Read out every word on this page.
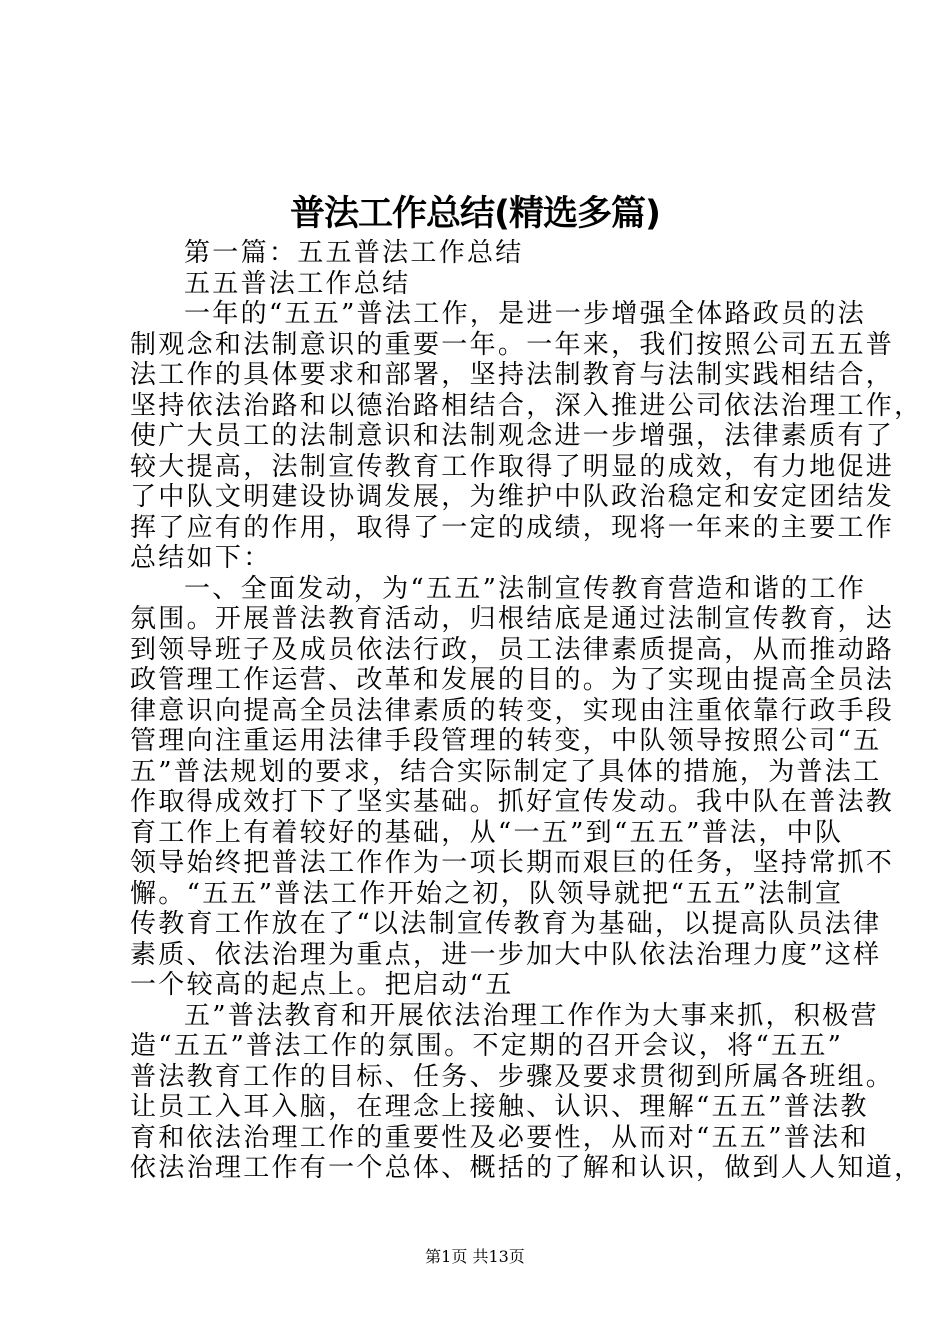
普法工作总结(精选多篇)
第一篇：五五普法工作总结
五五普法工作总结
一年的“五五”普法工作，是进一步增强全体路政员的法
制观念和法制意识的重要一年。一年来，我们按照公司五五普
法工作的具体要求和部署，坚持法制教育与法制实践相结合，
坚持依法治路和以德治路相结合，深入推进公司依法治理工作，
使广大员工的法制意识和法制观念进一步增强，法律素质有了
较大提高，法制宣传教育工作取得了明显的成效，有力地促进
了中队文明建设协调发展，为维护中队政治稳定和安定团结发
挥了应有的作用，取得了一定的成绩，现将一年来的主要工作
总结如下：
一、全面发动，为“五五”法制宣传教育营造和谐的工作
氛围。开展普法教育活动，归根结底是通过法制宣传教育，达
到领导班子及成员依法行政，员工法律素质提高，从而推动路
政管理工作运营、改革和发展的目的。为了实现由提高全员法
律意识向提高全员法律素质的转变，实现由注重依靠行政手段
管理向注重运用法律手段管理的转变，中队领导按照公司“五
五”普法规划的要求，结合实际制定了具体的措施，为普法工
作取得成效打下了坚实基础。抓好宣传发动。我中队在普法教
育工作上有着较好的基础，从“一五”到“五五”普法，中队
领导始终把普法工作作为一项长期而艰巨的任务，坚持常抓不
懈。“五五”普法工作开始之初，队领导就把“五五”法制宣
传教育工作放在了“以法制宣传教育为基础，以提高队员法律
素质、依法治理为重点，进一步加大中队依法治理力度”这样
一个较高的起点上。把启动“五
五”普法教育和开展依法治理工作作为大事来抓，积极营
造“五五”普法工作的氛围。不定期的召开会议，将“五五”
普法教育工作的目标、任务、步骤及要求贯彻到所属各班组。
让员工入耳入脑，在理念上接触、认识、理解“五五”普法教
育和依法治理工作的重要性及必要性，从而对“五五”普法和
依法治理工作有一个总体、概括的了解和认识，做到人人知道，
第1页 共13页
